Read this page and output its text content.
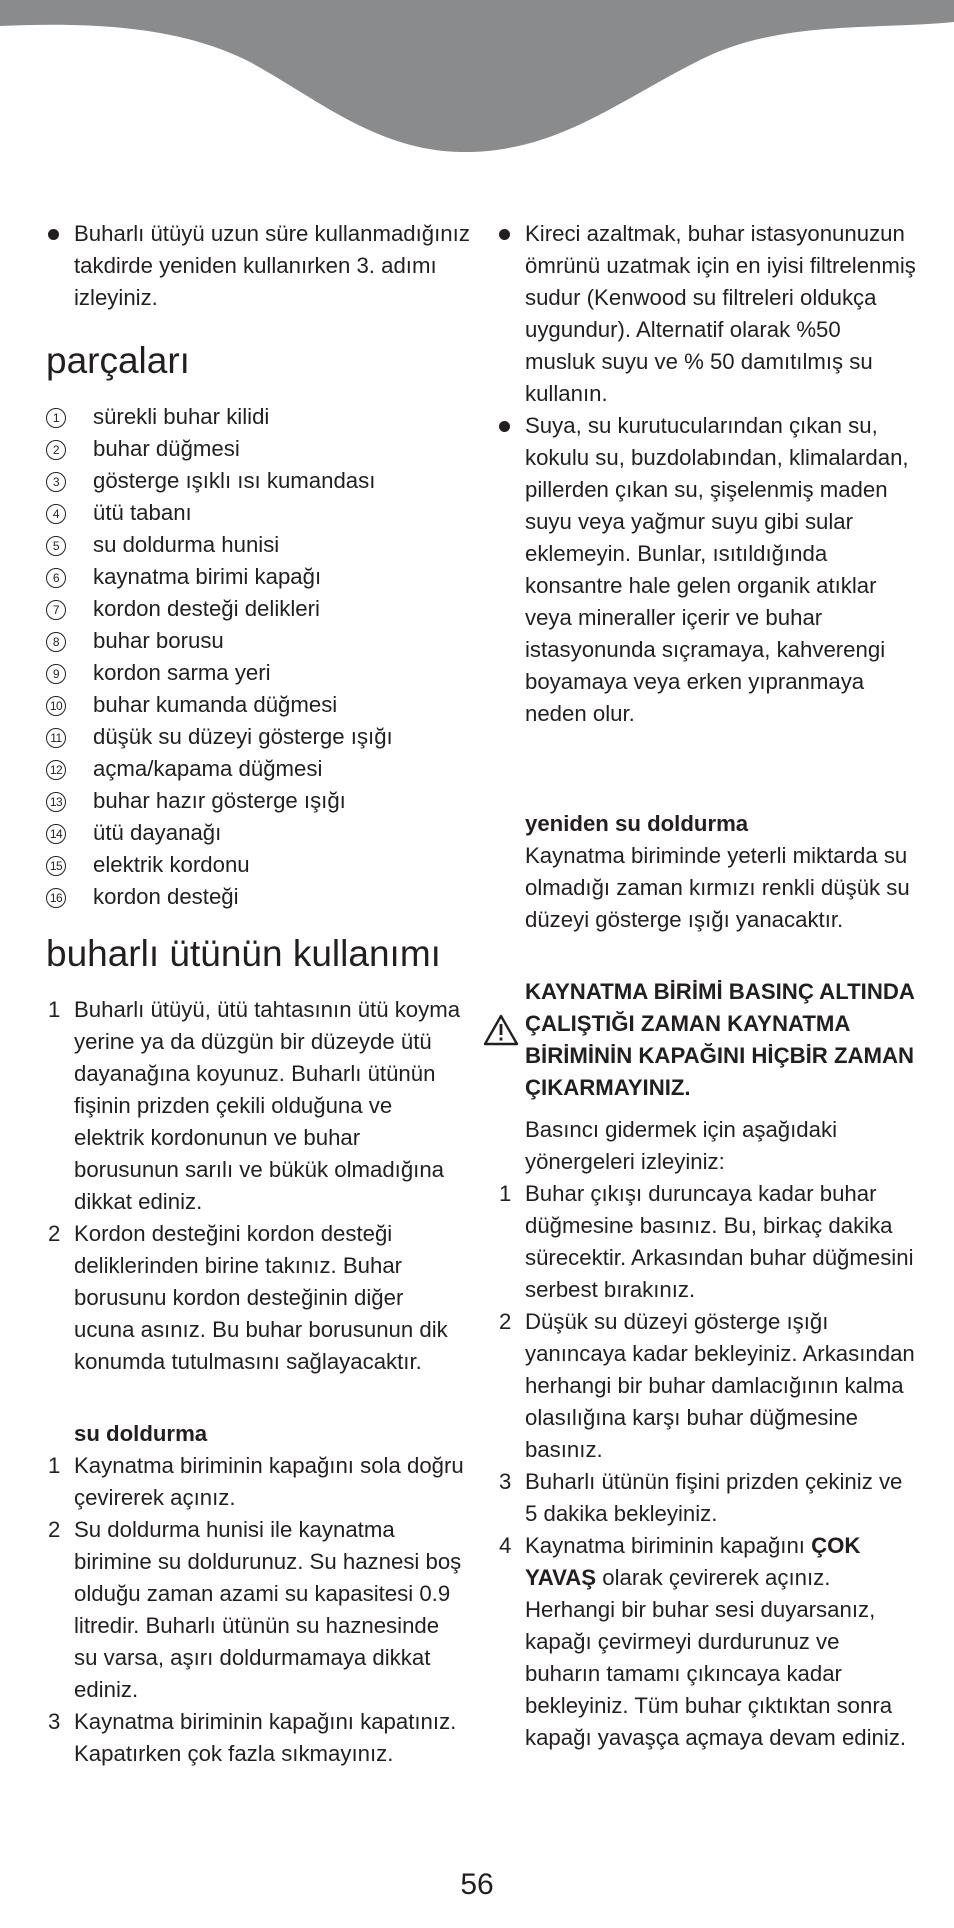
Buharlı ütüyü uzun süre kullanmadığınız takdirde yeniden kullanırken 3. adımı izleyiniz.
parçaları
1	sürekli buhar kilidi
2	buhar düğmesi
3	gösterge ışıklı ısı kumandası
4	ütü tabanı
5	su doldurma hunisi
6	kaynatma birimi kapağı
7	kordon desteği delikleri
8	buhar borusu
9	kordon sarma yeri
10 buhar kumanda düğmesi
11 düşük su düzeyi gösterge ışığı
12 açma/kapama düğmesi
13 buhar hazır gösterge ışığı
14 ütü dayanağı
15 elektrik kordonu
16 kordon desteği
buharlı ütünün kullanımı
1 Buharlı ütüyü, ütü tahtasının ütü koyma yerine ya da düzgün bir düzeyde ütü dayanağına koyunuz. Buharlı ütünün fişinin prizden çekili olduğuna ve elektrik kordonunun ve buhar borusunun sarılı ve bükük olmadığına dikkat ediniz.
2 Kordon desteğini kordon desteği deliklerinden birine takınız. Buhar borusunu kordon desteğinin diğer ucuna asınız. Bu buhar borusunun dik konumda tutulmasını sağlayacaktır.
su doldurma
1 Kaynatma biriminin kapağını sola doğru çevirerek açınız.
2 Su doldurma hunisi ile kaynatma birimine su doldurunuz. Su haznesi boş olduğu zaman azami su kapasitesi 0.9 litredir. Buharlı ütünün su haznesinde su varsa, aşırı doldurmamaya dikkat ediniz.
3 Kaynatma biriminin kapağını kapatınız. Kapatırken çok fazla sıkmayınız.
Kireci azaltmak, buhar istasyonunuzun ömrünü uzatmak için en iyisi filtrelenmiş sudur (Kenwood su filtreleri oldukça uygundur). Alternatif olarak %50 musluk suyu ve % 50 damıtılmış su kullanın.
Suya, su kurutucularından çıkan su, kokulu su, buzdolabından, klimalardan, pillerden çıkan su, şişelenmiş maden suyu veya yağmur suyu gibi sular eklemeyin. Bunlar, ısıtıldığında konsantre hale gelen organik atıklar veya mineraller içerir ve buhar istasyonunda sıçramaya, kahverengi boyamaya veya erken yıpranmaya neden olur.
yeniden su doldurma
Kaynatma biriminde yeterli miktarda su olmadığı zaman kırmızı renkli düşük su düzeyi gösterge ışığı yanacaktır.
KAYNATMA BİRİMİ BASINÇ ALTINDA ÇALIŞTIĞI ZAMAN KAYNATMA BİRİMİNİN KAPAĞINI HİÇBİR ZAMAN ÇIKARMAYINIZ.
Basıncı gidermek için aşağıdaki yönergeleri izleyiniz:
1 Buhar çıkışı duruncaya kadar buhar düğmesine basınız. Bu, birkaç dakika sürecektir. Arkasından buhar düğmesini serbest bırakınız.
2 Düşük su düzeyi gösterge ışığı yanıncaya kadar bekleyiniz. Arkasından herhangi bir buhar damlacığının kalma olasılığına karşı buhar düğmesine basınız.
3 Buharlı ütünün fişini prizden çekiniz ve 5 dakika bekleyiniz.
4 Kaynatma biriminin kapağını ÇOK YAVAŞ olarak çevirerek açınız. Herhangi bir buhar sesi duyarsanız, kapağı çevirmeyi durdurunuz ve buharın tamamı çıkıncaya kadar bekleyiniz. Tüm buhar çıktıktan sonra kapağı yavaşça açmaya devam ediniz.
56
